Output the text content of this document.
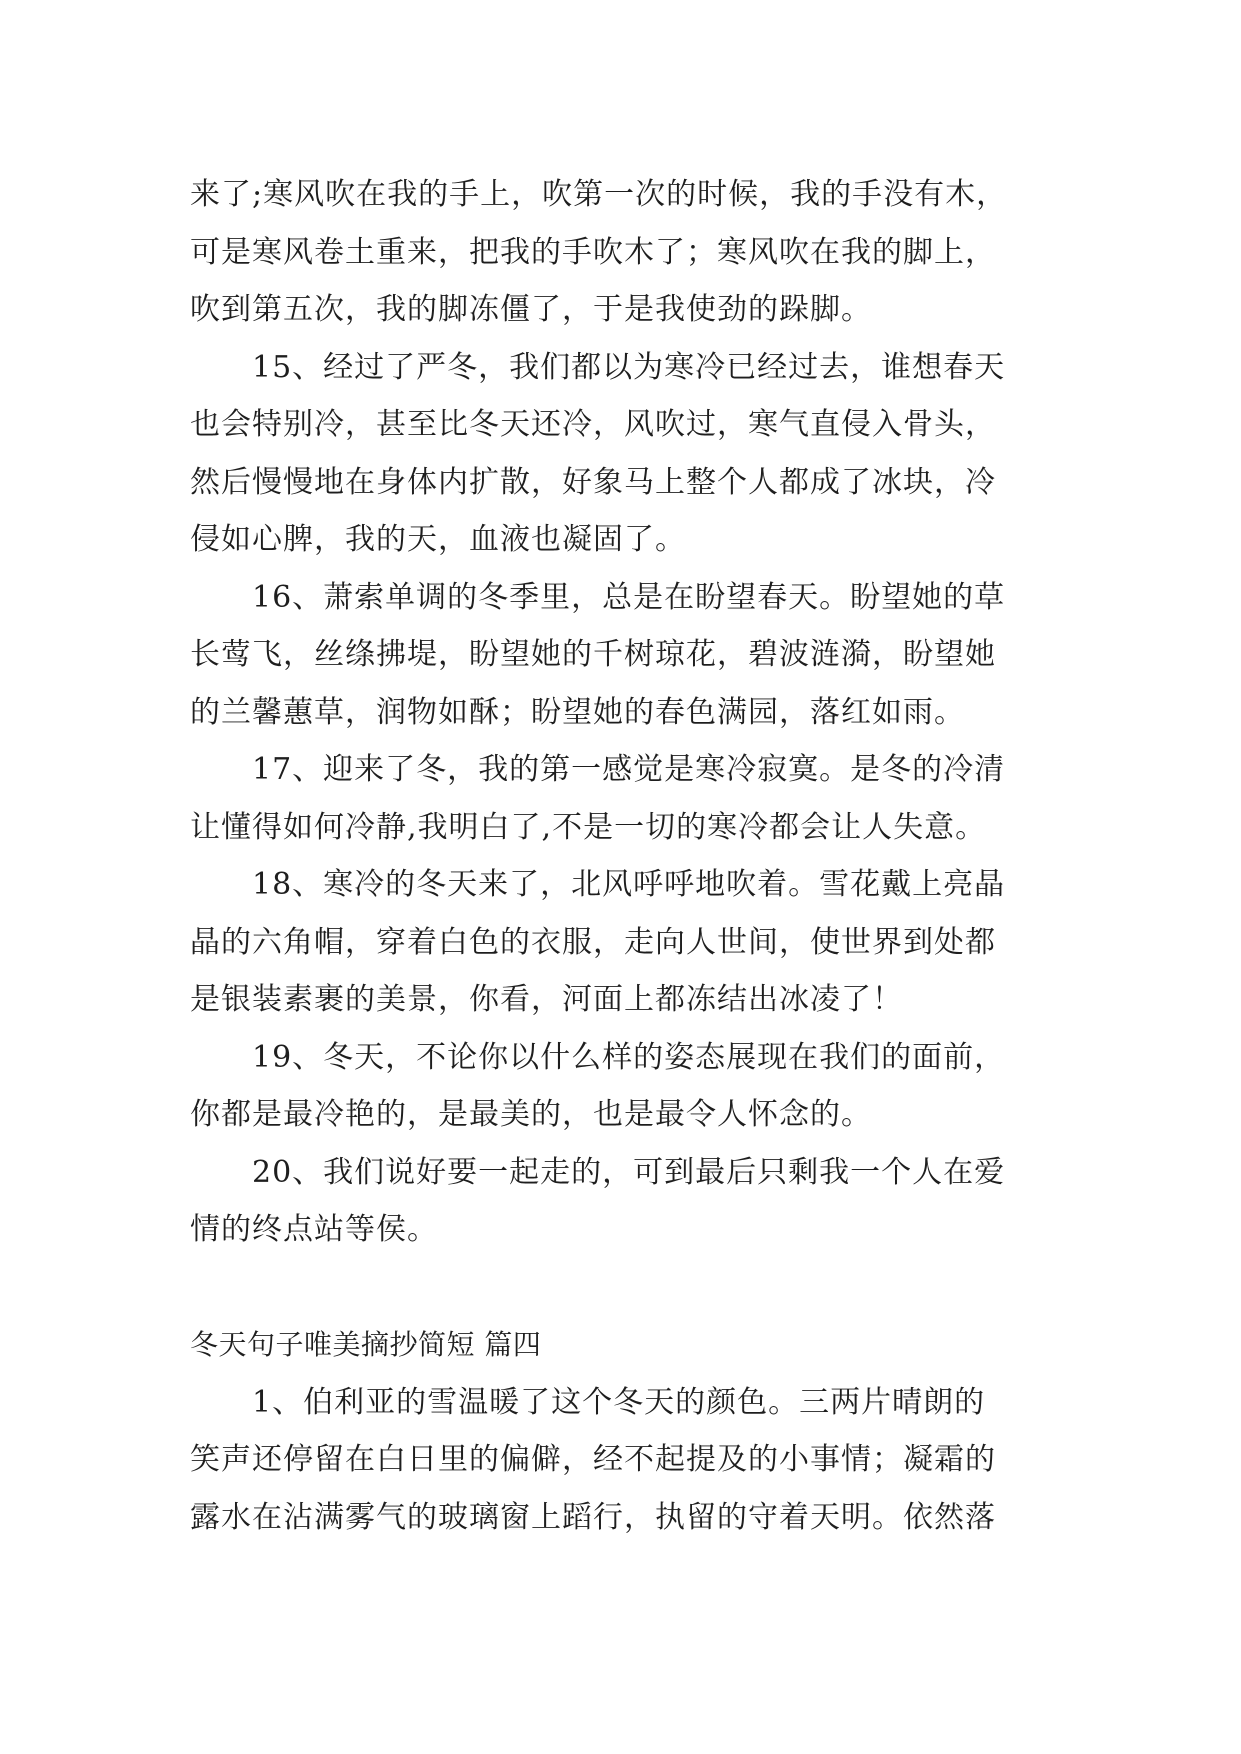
来了;寒风吹在我的手上，吹第一次的时候，我的手没有木，
可是寒风卷土重来，把我的手吹木了；寒风吹在我的脚上，
吹到第五次，我的脚冻僵了，于是我使劲的跺脚。
15、经过了严冬，我们都以为寒冷已经过去，谁想春天
也会特别冷，甚至比冬天还冷，风吹过，寒气直侵入骨头，
然后慢慢地在身体内扩散，好象马上整个人都成了冰块，冷
侵如心脾，我的天，血液也凝固了。
16、萧索单调的冬季里，总是在盼望春天。盼望她的草
长莺飞，丝绦拂堤，盼望她的千树琼花，碧波涟漪，盼望她
的兰馨蕙草，润物如酥；盼望她的春色满园，落红如雨。
17、迎来了冬，我的第一感觉是寒冷寂寞。是冬的冷清
让懂得如何冷静,我明白了,不是一切的寒冷都会让人失意。
18、寒冷的冬天来了，北风呼呼地吹着。雪花戴上亮晶
晶的六角帽，穿着白色的衣服，走向人世间，使世界到处都
是银装素裹的美景，你看，河面上都冻结出冰凌了！
19、冬天，不论你以什么样的姿态展现在我们的面前，
你都是最冷艳的，是最美的，也是最令人怀念的。
20、我们说好要一起走的，可到最后只剩我一个人在爱
情的终点站等侯。
冬天句子唯美摘抄简短 篇四
1、伯利亚的雪温暖了这个冬天的颜色。三两片晴朗的
笑声还停留在白日里的偏僻，经不起提及的小事情；凝霜的
露水在沾满雾气的玻璃窗上蹈行，执留的守着天明。依然落
